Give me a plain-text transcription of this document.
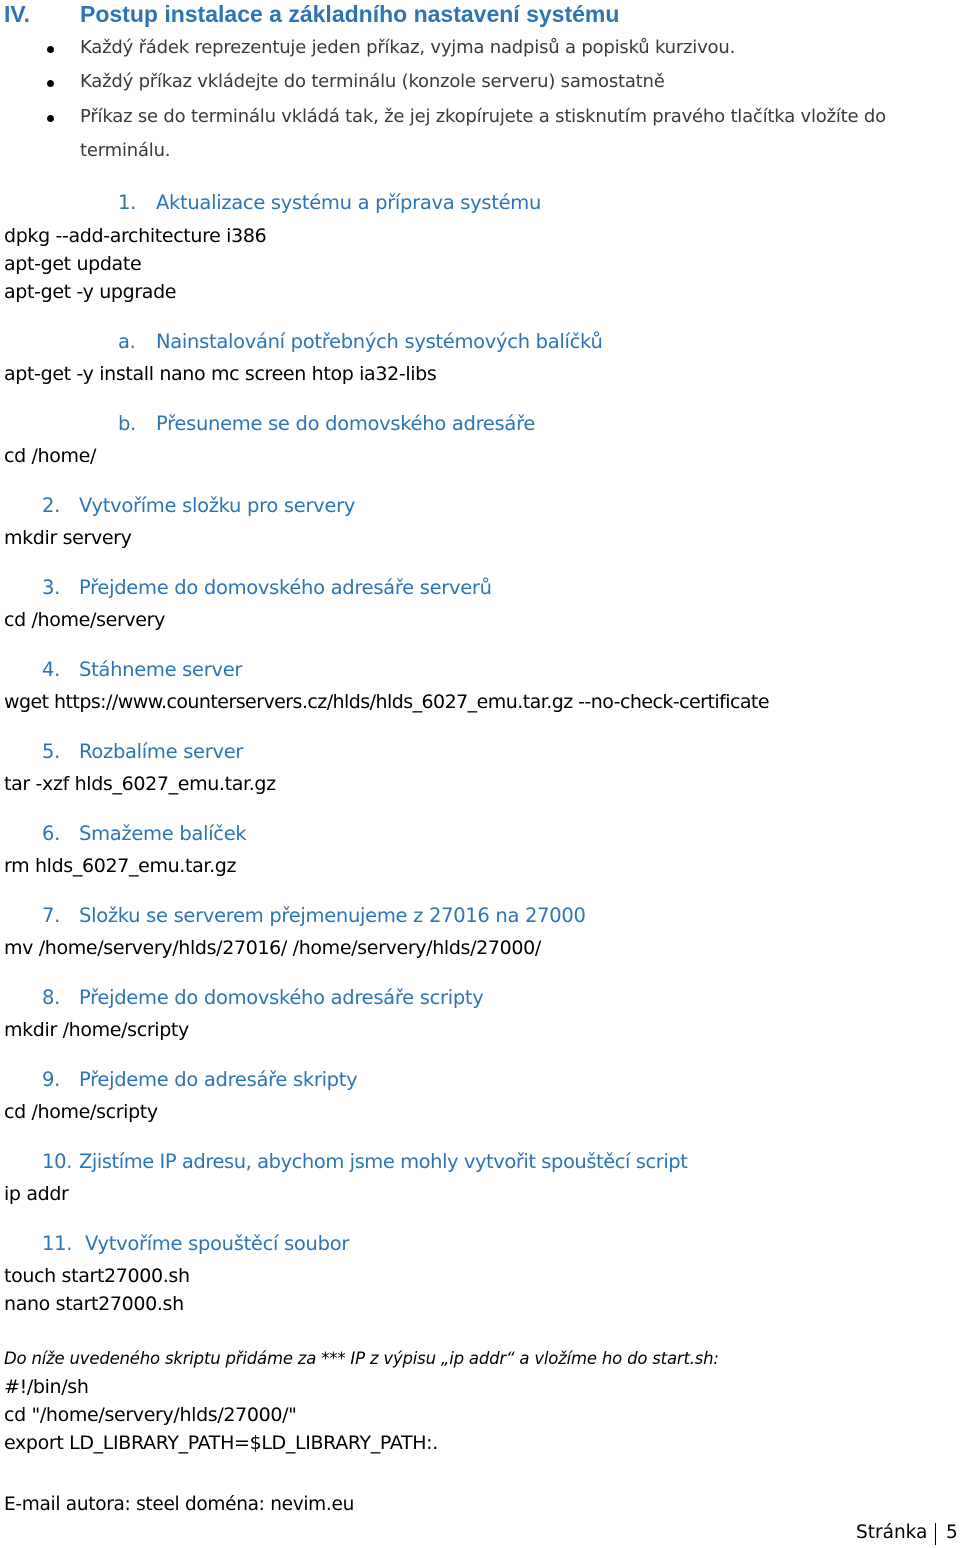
IV. Postup instalace a základního nastavení systému
Každý řádek reprezentuje jeden příkaz, vyjma nadpisů a popisků kurzivou.
Každý příkaz vkládejte do terminálu (konzole serveru) samostatně
Příkaz se do terminálu vkládá tak, že jej zkopírujete a stisknutím pravého tlačítka vložíte do
terminálu.
1. Aktualizace systému a příprava systému
dpkg --add-architecture i386
apt-get update
apt-get -y upgrade
a. Nainstalování potřebných systémových balíčků
apt-get -y install nano mc screen htop ia32-libs
b. Přesuneme se do domovského adresáře
cd /home/
2. Vytvoříme složku pro servery
mkdir servery
3. Přejdeme do domovského adresáře serverů
cd /home/servery
4. Stáhneme server
wget https://www.counterservers.cz/hlds/hlds_6027_emu.tar.gz --no-check-certificate
5. Rozbalíme server
tar -xzf hlds_6027_emu.tar.gz
6. Smažeme balíček
rm hlds_6027_emu.tar.gz
7. Složku se serverem přejmenujeme z 27016 na 27000
mv /home/servery/hlds/27016/ /home/servery/hlds/27000/
8. Přejdeme do domovského adresáře scripty
mkdir /home/scripty
9. Přejdeme do adresáře skripty
cd /home/scripty
10. Zjistíme IP adresu, abychom jsme mohly vytvořit spouštěcí script
ip addr
11. Vytvoříme spouštěcí soubor
touch start27000.sh
nano start27000.sh
Do níže uvedeného skriptu přidáme za *** IP z výpisu „ip addr“ a vložíme ho do start.sh:
#!/bin/sh
cd "/home/servery/hlds/27000/"
export LD_LIBRARY_PATH=$LD_LIBRARY_PATH:.
E-mail autora: steel doména: nevim.eu
Stránka 5
